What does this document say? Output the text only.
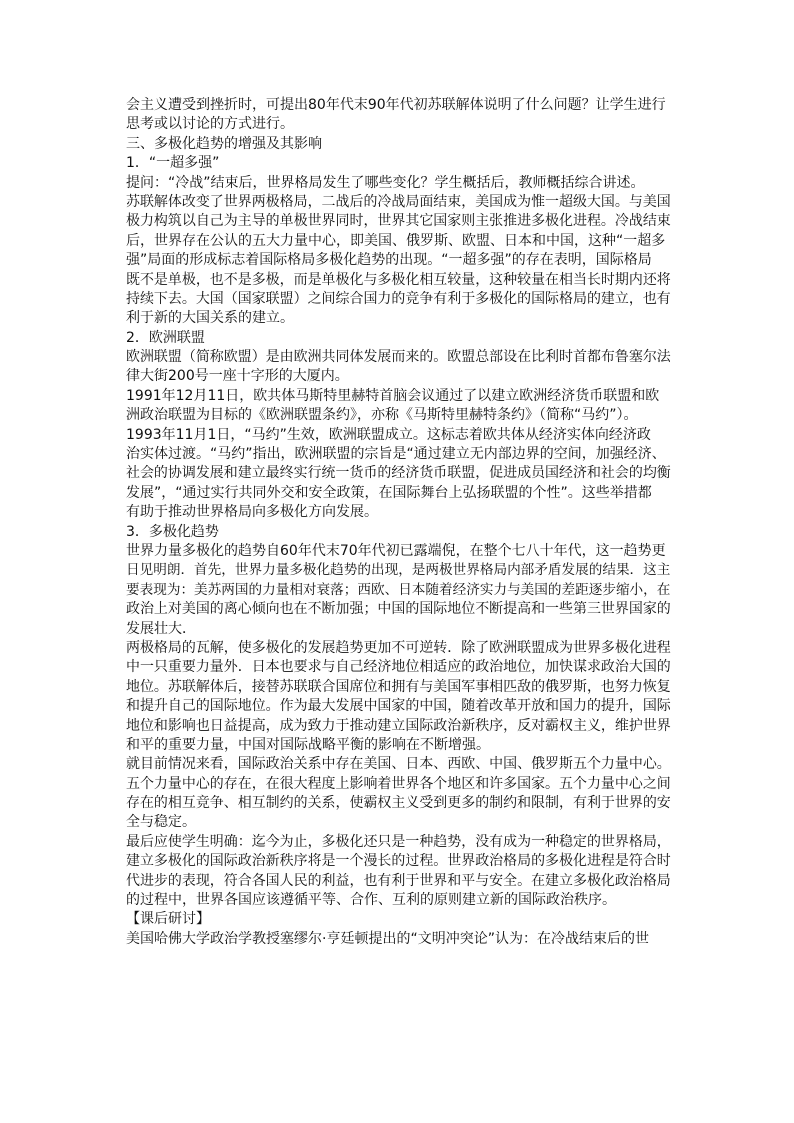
会主义遭受到挫折时，可提出80年代末90年代初苏联解体说明了什么问题？让学生进行
思考或以讨论的方式进行。
三、多极化趋势的增强及其影响
1．“一超多强”
提问：“冷战”结束后，世界格局发生了哪些变化？学生概括后，教师概括综合讲述。
苏联解体改变了世界两极格局，二战后的冷战局面结束，美国成为惟一超级大国。与美国
极力构筑以自己为主导的单极世界同时，世界其它国家则主张推进多极化进程。冷战结束
后，世界存在公认的五大力量中心，即美国、俄罗斯、欧盟、日本和中国，这种“一超多
强”局面的形成标志着国际格局多极化趋势的出现。“一超多强”的存在表明，国际格局
既不是单极，也不是多极，而是单极化与多极化相互较量，这种较量在相当长时期内还将
持续下去。大国（国家联盟）之间综合国力的竞争有利于多极化的国际格局的建立，也有
利于新的大国关系的建立。
2．欧洲联盟
欧洲联盟（简称欧盟）是由欧洲共同体发展而来的。欧盟总部设在比利时首都布鲁塞尔法
律大街200号一座十字形的大厦内。
1991年12月11日，欧共体马斯特里赫特首脑会议通过了以建立欧洲经济货币联盟和欧
洲政治联盟为目标的《欧洲联盟条约》，亦称《马斯特里赫特条约》（简称“马约”）。
1993年11月1日，“马约”生效，欧洲联盟成立。这标志着欧共体从经济实体向经济政
治实体过渡。“马约”指出，欧洲联盟的宗旨是“通过建立无内部边界的空间，加强经济、
社会的协调发展和建立最终实行统一货币的经济货币联盟，促进成员国经济和社会的均衡
发展”，“通过实行共同外交和安全政策，在国际舞台上弘扬联盟的个性”。这些举措都
有助于推动世界格局向多极化方向发展。
3．多极化趋势
世界力量多极化的趋势自60年代末70年代初已露端倪，在整个七八十年代，这一趋势更
日见明朗．首先，世界力量多极化趋势的出现，是两极世界格局内部矛盾发展的结果．这主
要表现为：美苏两国的力量相对衰落；西欧、日本随着经济实力与美国的差距逐步缩小，在
政治上对美国的离心倾向也在不断加强；中国的国际地位不断提高和一些第三世界国家的
发展壮大．
两极格局的瓦解，使多极化的发展趋势更加不可逆转．除了欧洲联盟成为世界多极化进程
中一只重要力量外．日本也要求与自己经济地位相适应的政治地位，加快谋求政治大国的
地位。苏联解体后，接替苏联联合国席位和拥有与美国军事相匹敌的俄罗斯，也努力恢复
和提升自己的国际地位。作为最大发展中国家的中国，随着改革开放和国力的提升，国际
地位和影响也日益提高，成为致力于推动建立国际政治新秩序，反对霸权主义，维护世界
和平的重要力量，中国对国际战略平衡的影响在不断增强。
就目前情况来看，国际政治关系中存在美国、日本、西欧、中国、俄罗斯五个力量中心。
五个力量中心的存在，在很大程度上影响着世界各个地区和许多国家。五个力量中心之间
存在的相互竞争、相互制约的关系，使霸权主义受到更多的制约和限制，有利于世界的安
全与稳定。
最后应使学生明确：迄今为止，多极化还只是一种趋势，没有成为一种稳定的世界格局，
建立多极化的国际政治新秩序将是一个漫长的过程。世界政治格局的多极化进程是符合时
代进步的表现，符合各国人民的利益，也有利于世界和平与安全。在建立多极化政治格局
的过程中，世界各国应该遵循平等、合作、互利的原则建立新的国际政治秩序。
【课后研讨】
美国哈佛大学政治学教授塞缪尔·亨廷顿提出的“文明冲突论”认为：在冷战结束后的世
